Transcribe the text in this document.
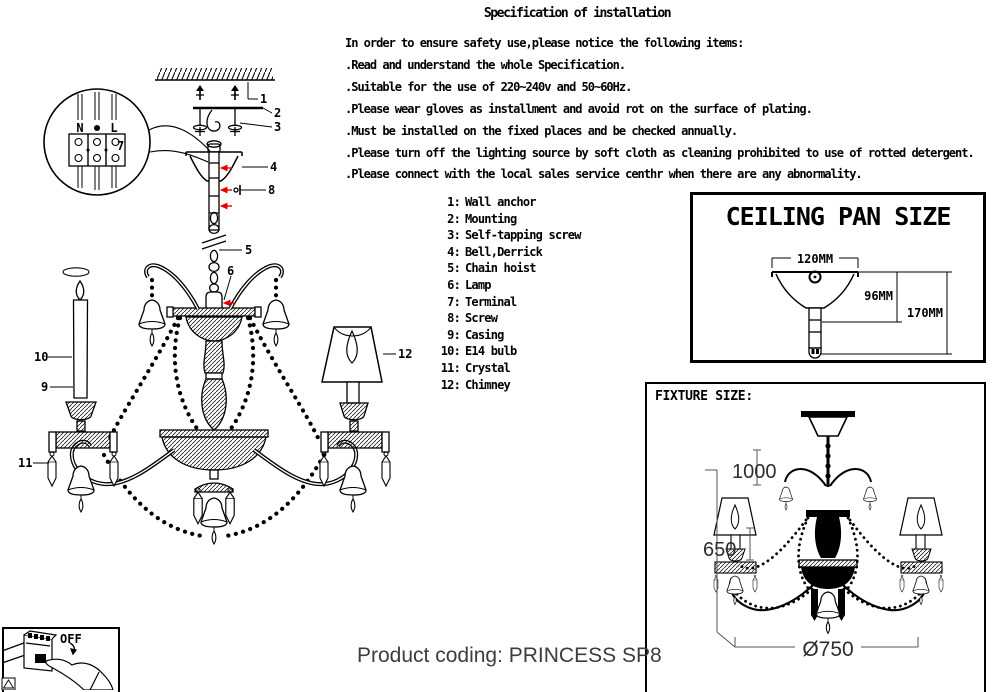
Specification of installation
In order to ensure safety use,please notice the following items:
.Read and understand the whole Specification.
.Suitable for the use of 220~240v and 50~60Hz.
.Please wear gloves as installment and avoid rot on the surface of plating.
.Must be installed on the fixed places and be checked annually.
.Please turn off the lighting source by soft cloth as cleaning prohibited to use of rotted detergent.
.Please connect with the local sales service centhr when there are any abnormality.
1: Wall anchor
2: Mounting
3: Self-tapping screw
4: Bell,Derrick
5: Chain hoist
6: Lamp
7: Terminal
8: Screw
9: Casing
10: E14 bulb
11: Crystal
12: Chimney
CEILING PAN SIZE
FIXTURE SIZE:
Product coding: PRINCESS SP8
N L
7
1
2
3
4
8
5
6
10
9
11
12
120MM
96MM
170MM
1000
650
Ø750
OFF
